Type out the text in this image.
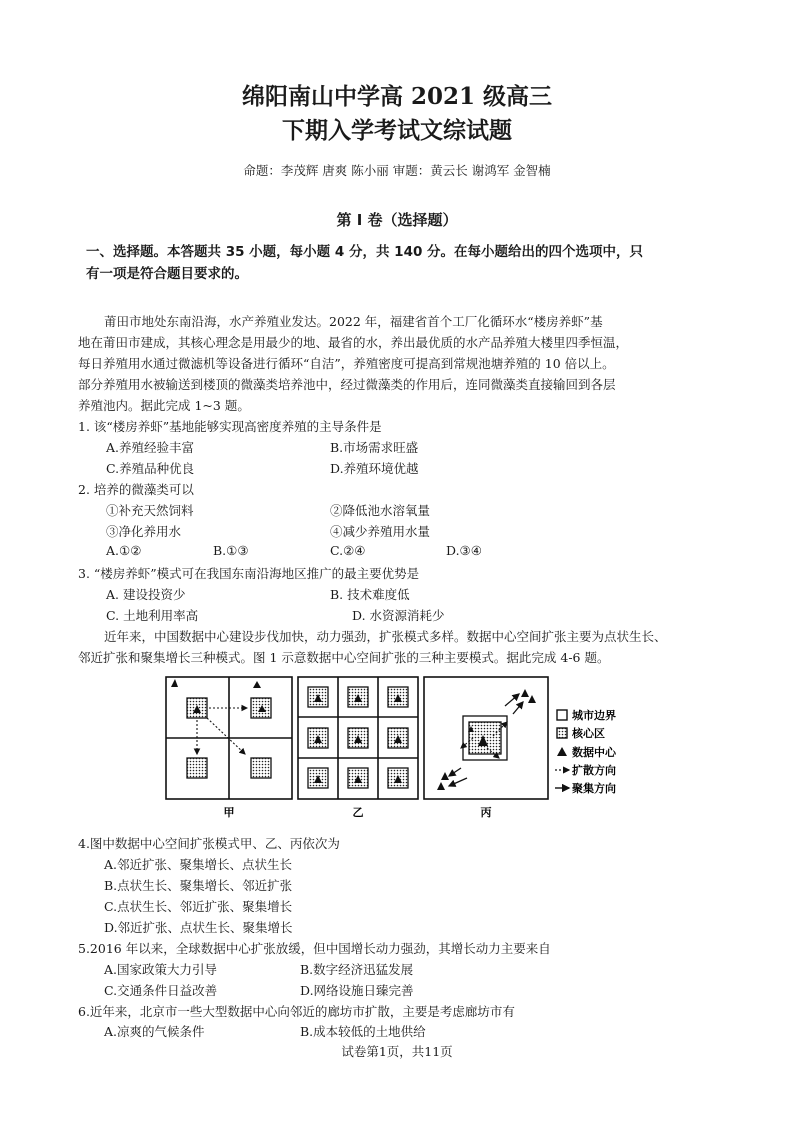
绵阳南山中学高 2021 级高三
下期入学考试文综试题
命题：李茂辉 唐爽 陈小丽 审题：黄云长 谢鸿军 金智楠
第 Ⅰ 卷（选择题）
一、选择题。本答题共 35 小题，每小题 4 分，共 140 分。在每小题给出的四个选项中，只
有一项是符合题目要求的。
莆田市地处东南沿海，水产养殖业发达。2022 年，福建省首个工厂化循环水“楼房养虾”基
地在莆田市建成，其核心理念是用最少的地、最省的水，养出最优质的水产品养殖大楼里四季恒温，
每日养殖用水通过微滤机等设备进行循环“自洁”，养殖密度可提高到常规池塘养殖的 10 倍以上。
部分养殖用水被输送到楼顶的微藻类培养池中，经过微藻类的作用后，连同微藻类直接输回到各层
养殖池内。据此完成 1~3 题。
1. 该“楼房养虾”基地能够实现高密度养殖的主导条件是
A.养殖经验丰富	B.市场需求旺盛
C.养殖品种优良	D.养殖环境优越
2. 培养的微藻类可以
①补充天然饲料	②降低池水溶氧量
③净化养用水	④减少养殖用水量
A.①②	B.①③	C.②④	D.③④
3. “楼房养虾”模式可在我国东南沿海地区推广的最主要优势是
A. 建设投资少	B. 技术难度低
C. 土地利用率高	D. 水资源消耗少
近年来，中国数据中心建设步伐加快，动力强劲，扩张模式多样。数据中心空间扩张主要为点状生长、
邻近扩张和聚集增长三种模式。图 1 示意数据中心空间扩张的三种主要模式。据此完成 4-6 题。
城市边界
核心区
数据中心
扩散方向
聚集方向
甲	乙	丙
4.图中数据中心空间扩张模式甲、乙、丙依次为
A.邻近扩张、聚集增长、点状生长
B.点状生长、聚集增长、邻近扩张
C.点状生长、邻近扩张、聚集增长
D.邻近扩张、点状生长、聚集增长
5.2016 年以来，全球数据中心扩张放缓，但中国增长动力强劲，其增长动力主要来自
A.国家政策大力引导	B.数字经济迅猛发展
C.交通条件日益改善	D.网络设施日臻完善
6.近年来，北京市一些大型数据中心向邻近的廊坊市扩散，主要是考虑廊坊市有
A.凉爽的气候条件	B.成本较低的土地供给
试卷第1页，共11页
